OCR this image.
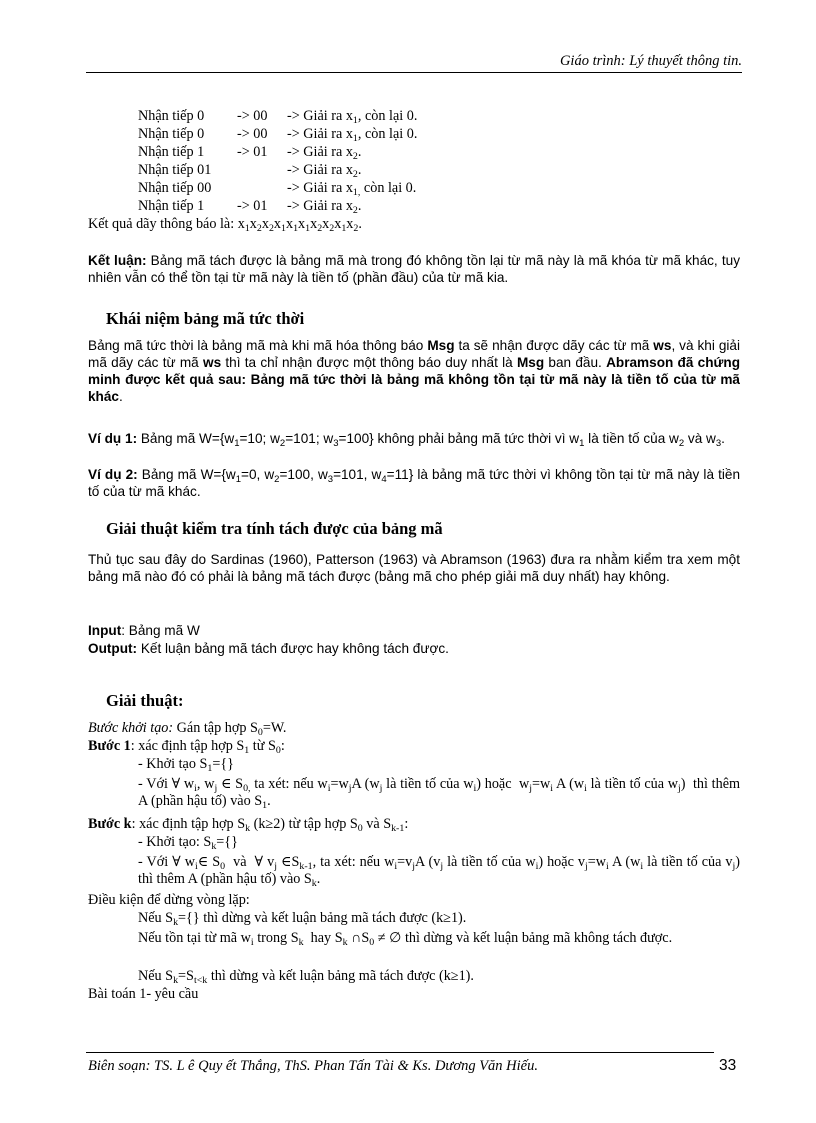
Giáo trình: Lý thuyết thông tin.
Nhận tiếp 0 -> 00 -> Giải ra $x_1$, còn lại 0.
Nhận tiếp 0 -> 00 -> Giải ra $x_1$, còn lại 0.
Nhận tiếp 1 -> 01 -> Giải ra $x_2$.
Nhận tiếp 01	-> Giải ra $x_2$.
Nhận tiếp 00	-> Giải ra $x_{1,}$ còn lại 0.
Nhận tiếp 1 -> 01 -> Giải ra $x_2$.
Kết quả dãy thông báo là: $x_1x_2x_2x_1x_1x_1x_2x_2x_1x_2$.
Kết luận: Bảng mã tách được là bảng mã mà trong đó không tồn lại từ mã này là mã khóa từ mã khác, tuy nhiên vẫn có thể tồn tại từ mã này là tiền tố (phần đầu) của từ mã kia.
Khái niệm bảng mã tức thời
Bảng mã tức thời là bảng mã mà khi mã hóa thông báo Msg ta sẽ nhận được dãy các từ mã ws, và khi giải mã dãy các từ mã ws thì ta chỉ nhận được một thông báo duy nhất là Msg ban đầu. Abramson đã chứng minh được kết quả sau: Bảng mã tức thời là bảng mã không tồn tại từ mã này là tiền tố của từ mã khác.
Ví dụ 1: Bảng mã $W=\{w_1=10$; $w_2=101$; $w_3=100$} không phải bảng mã tức thời vì $w_1$ là tiền tố của $w_2$ và $w_3$.
Ví dụ 2: Bảng mã $W=\{w_1=0$, $w_2=100$, $w_3=101$, $w_4=11$} là bảng mã tức thời vì không tồn tại từ mã này là tiền tố của từ mã khác.
Giải thuật kiểm tra tính tách được của bảng mã
Thủ tục sau đây do Sardinas (1960), Patterson (1963) và Abramson (1963) đưa ra nhằm kiểm tra xem một bảng mã nào đó có phải là bảng mã tách được (bảng mã cho phép giải mã duy nhất) hay không.
Input: Bảng mã W
Output: Kết luận bảng mã tách được hay không tách được.
Giải thuật:
Bước khởi tạo: Gán tập hợp $S_0=W$.
Bước 1: xác định tập hợp $S_1$ từ $S_0$:
- Khởi tạo $S_1=\{\}$
- Với ∀ $w_i$, $w_j$ ∈ $S_{0,}$ ta xét: nếu $w_i=w_jA$ ($w_j$ là tiền tố của $w_i$) hoặc  $w_j=w_i$ A ($w_i$ là tiền tố của $w_j$)  thì thêm A (phần hậu tố) vào $S_1$.
Bước k: xác định tập hợp $S_k$ (k≥2) từ tập hợp $S_0$ và $S_{k-1}$:
- Khởi tạo: $S_k=\{\}$
- Với ∀ $w_i\in$ $S_0$  và  ∀ $v_j$ $\in S_{k-1}$, ta xét: nếu $w_i=v_jA$ ($v_j$ là tiền tố của $w_i$) hoặc $v_j=w_i$ A ($w_i$ là tiền tố của $v_j$) thì thêm A (phần hậu tố) vào $S_k$.
Điều kiện để dừng vòng lặp:
Nếu $S_k=\{\}$ thì dừng và kết luận bảng mã tách được (k≥1).
Nếu tồn tại từ mã $w_i$ trong $S_k$  hay $S_k$ $\cap S_0$ ≠ ∅ thì dừng và kết luận bảng mã không tách được.
Nếu $S_k=S_{t<k}$ thì dừng và kết luận bảng mã tách được (k≥1).
Bài toán 1- yêu cầu
Biên soạn: TS. L ê Quy ết Thắng, ThS. Phan Tấn Tài & Ks. Dương Văn Hiếu.	33
